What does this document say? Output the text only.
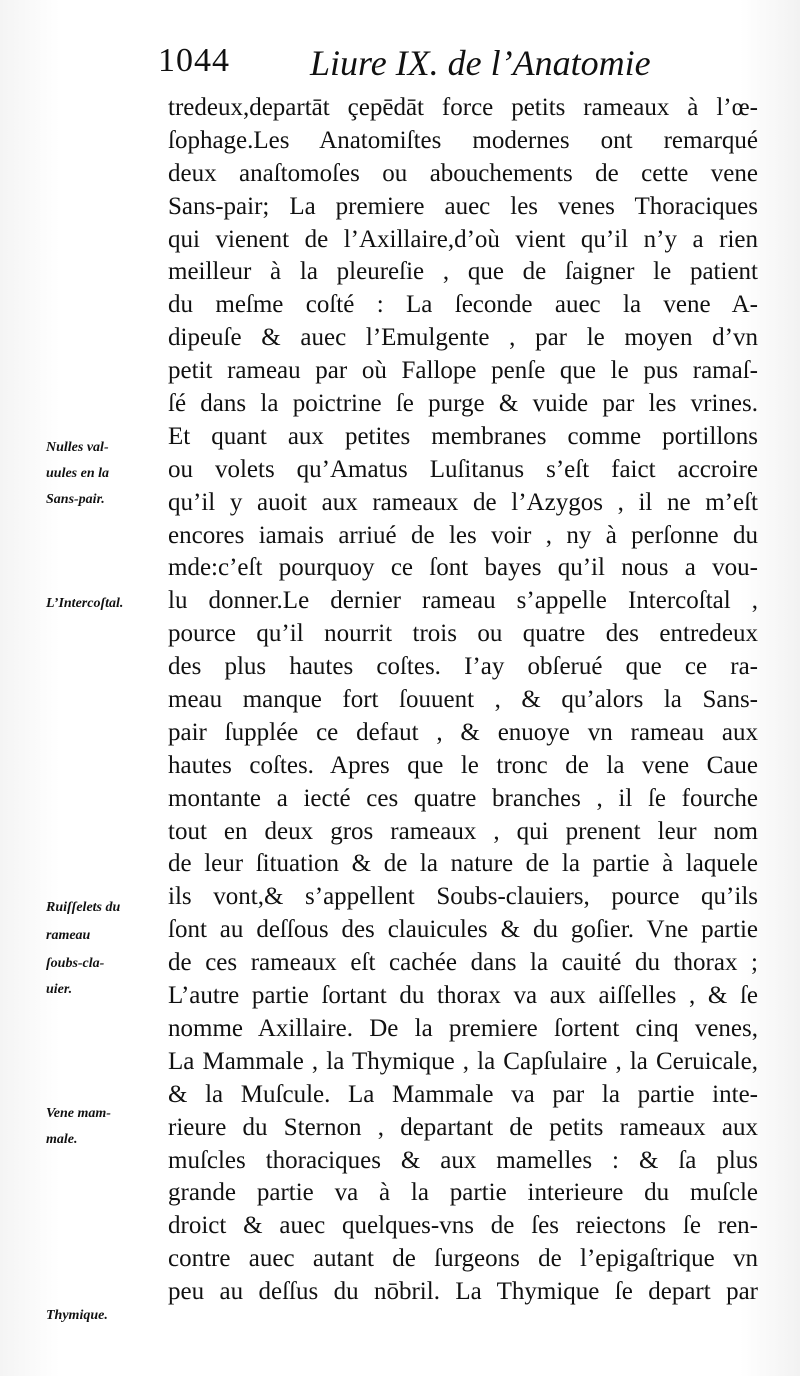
1044 Liure IX. de l’Anatomie
tredeux,departāt çepēdāt force petits rameaux à l’œ-
ſophage.Les Anatomiſtes modernes ont remarqué
deux anaſtomoſes ou abouchements de cette vene
Sans-pair; La premiere auec les venes Thoraciques
qui vienent de l’Axillaire,d’où vient qu’il n’y a rien
meilleur à la pleureſie , que de ſaigner le patient
du meſme coſté : La ſeconde auec la vene A-
dipeuſe & auec l’Emulgente , par le moyen d’vn
petit rameau par où Fallope penſe que le pus ramaſ-
ſé dans la poictrine ſe purge & vuide par les vrines.
Et quant aux petites membranes comme portillons
ou volets qu’Amatus Luſitanus s’eſt faict accroire
qu’il y auoit aux rameaux de l’Azygos , il ne m’eſt
encores iamais arriué de les voir , ny à perſonne du
mde:c’eſt pourquoy ce ſont bayes qu’il nous a vou-
lu donner.Le dernier rameau s’appelle Intercoſtal ,
pource qu’il nourrit trois ou quatre des entredeux
des plus hautes coſtes. I’ay obſerué que ce ra-
meau manque fort ſouuent , & qu’alors la Sans-
pair ſupplée ce defaut , & enuoye vn rameau aux
hautes coſtes. Apres que le tronc de la vene Caue
montante a iecté ces quatre branches , il ſe fourche
tout en deux gros rameaux , qui prenent leur nom
de leur ſituation & de la nature de la partie à laquele
ils vont,& s’appellent Soubs-clauiers, pource qu’ils
ſont au deſſous des clauicules & du goſier. Vne partie
de ces rameaux eſt cachée dans la cauité du thorax ;
L’autre partie ſortant du thorax va aux aiſſelles , & ſe
nomme Axillaire. De la premiere ſortent cinq venes,
La Mammale , la Thymique , la Capſulaire , la Ceruicale,
& la Muſcule. La Mammale va par la partie inte-
rieure du Sternon , departant de petits rameaux aux
muſcles thoraciques & aux mamelles : & ſa plus
grande partie va à la partie interieure du muſcle
droict & auec quelques-vns de ſes reiectons ſe ren-
contre auec autant de ſurgeons de l’epigaſtrique vn
peu au deſſus du nōbril. La Thymique ſe depart par
Nulles val-
uules en la
Sans-pair.
L’Intercoſtal.
Ruiſſelets du
rameau
ſoubs-cla-
uier.
Vene mam-
male.
Thymique.
